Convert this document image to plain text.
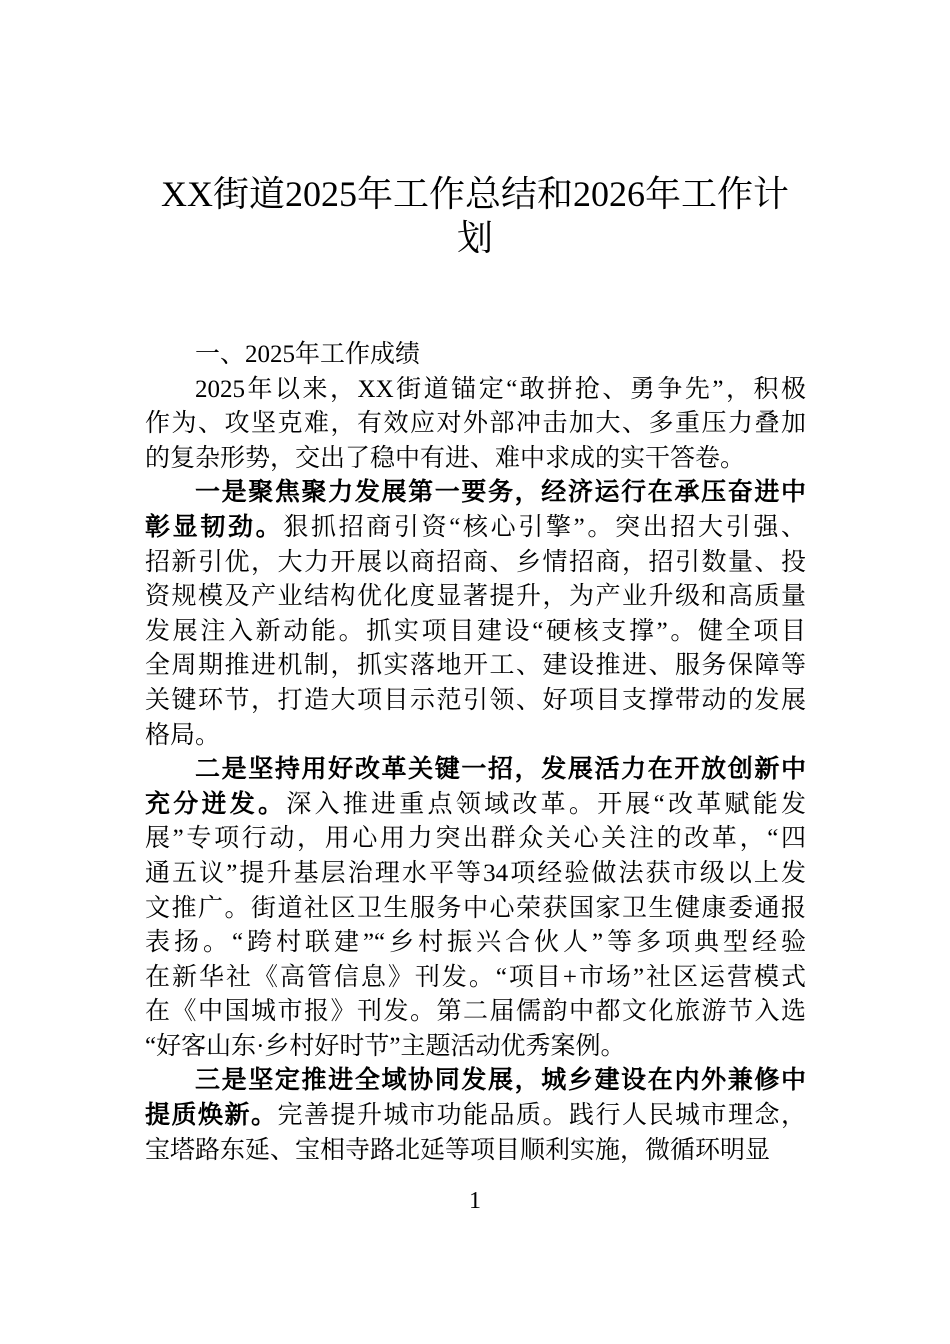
XX街道2025年工作总结和2026年工作计
划
一、2025年工作成绩
2025年以来，XX街道锚定“敢拼抢、勇争先”，积极
作为、攻坚克难，有效应对外部冲击加大、多重压力叠加
的复杂形势，交出了稳中有进、难中求成的实干答卷。
一是聚焦聚力发展第一要务，经济运行在承压奋进中
彰显韧劲。狠抓招商引资“核心引擎”。突出招大引强、
招新引优，大力开展以商招商、乡情招商，招引数量、投
资规模及产业结构优化度显著提升，为产业升级和高质量
发展注入新动能。抓实项目建设“硬核支撑”。健全项目
全周期推进机制，抓实落地开工、建设推进、服务保障等
关键环节，打造大项目示范引领、好项目支撑带动的发展
格局。
二是坚持用好改革关键一招，发展活力在开放创新中
充分迸发。深入推进重点领域改革。开展“改革赋能发
展”专项行动，用心用力突出群众关心关注的改革，“四
通五议”提升基层治理水平等34项经验做法获市级以上发
文推广。街道社区卫生服务中心荣获国家卫生健康委通报
表扬。“跨村联建”“乡村振兴合伙人”等多项典型经验
在新华社《高管信息》刊发。“项目+市场”社区运营模式
在《中国城市报》刊发。第二届儒韵中都文化旅游节入选
“好客山东·乡村好时节”主题活动优秀案例。
三是坚定推进全域协同发展，城乡建设在内外兼修中
提质焕新。完善提升城市功能品质。践行人民城市理念，
宝塔路东延、宝相寺路北延等项目顺利实施，微循环明显
1
